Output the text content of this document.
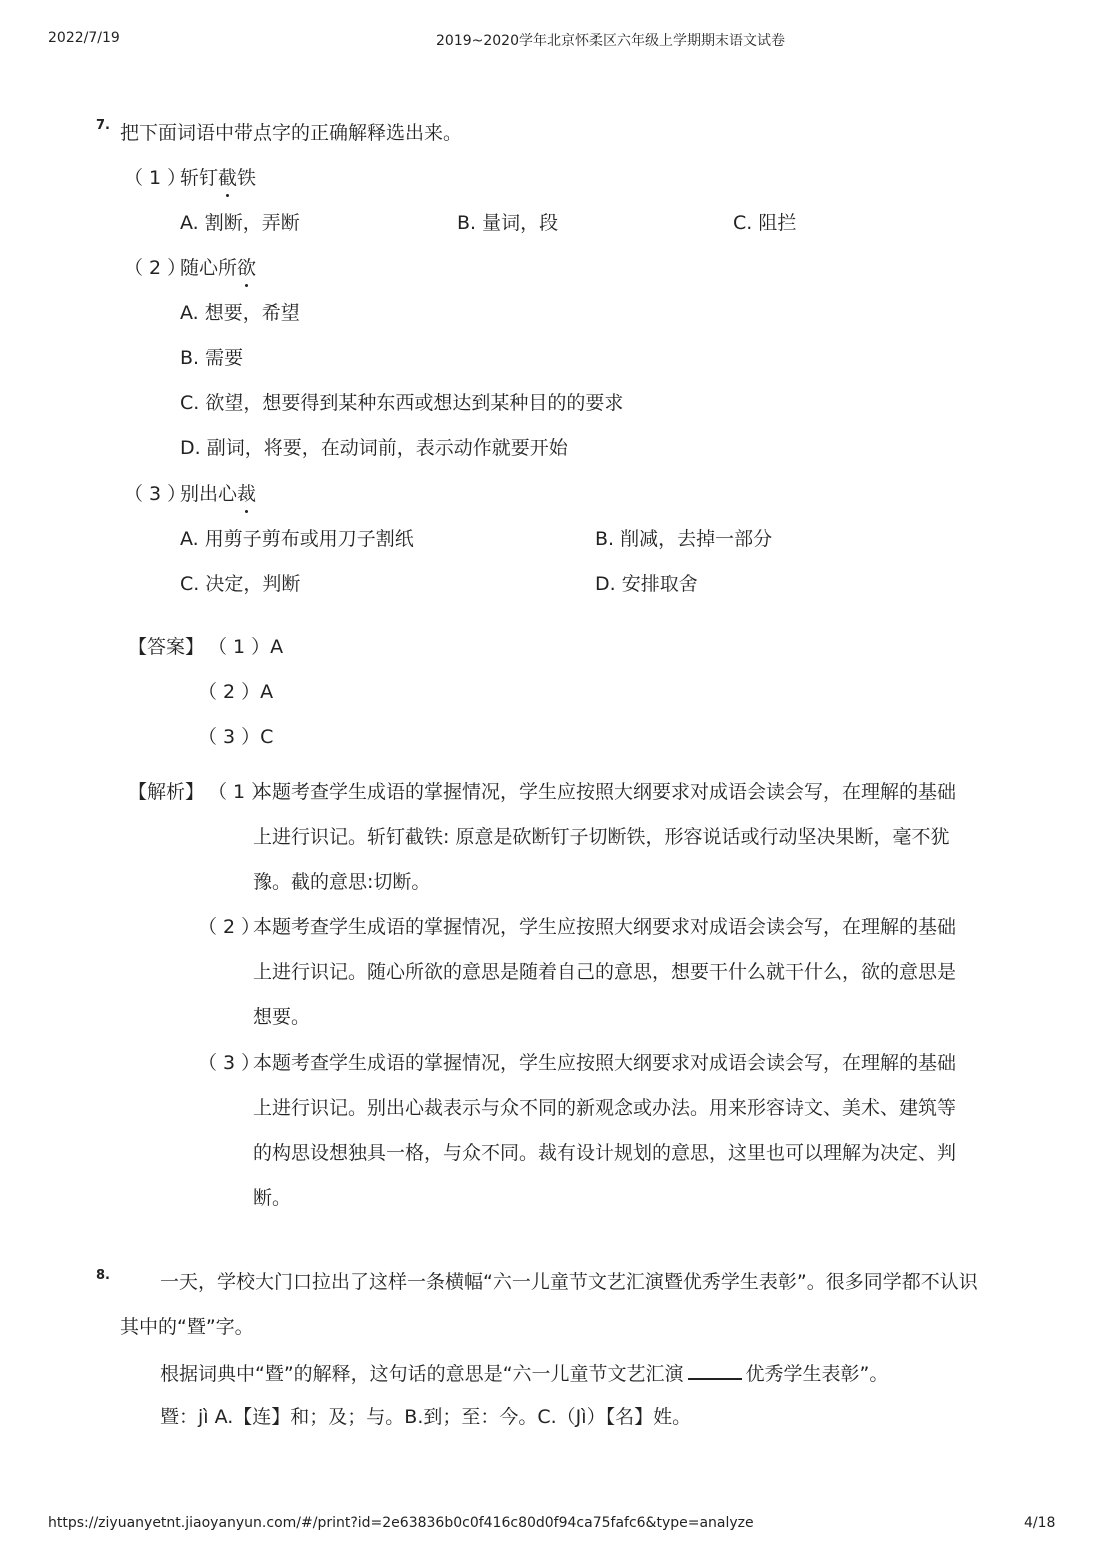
2022/7/19	2019~2020学年北京怀柔区六年级上学期期末语文试卷
7. 把下面词语中带点字的正确解释选出来。
（ 1 ）
斩钉截铁
A. 割断，弄断	B. 量词，段	C. 阻拦
（ 2 ）
随心所欲
A. 想要，希望
B. 需要
C. 欲望，想要得到某种东西或想达到某种目的的要求
D. 副词，将要，在动词前，表示动作就要开始
（ 3 ）
别出心裁
A. 用剪子剪布或用刀子割纸	B. 削减，去掉一部分
C. 决定，判断	D. 安排取舍
【答案】 （ 1 ）A
（ 2 ）A
（ 3 ）C
【解析】 （ 1 ）
本题考查学生成语的掌握情况，学生应按照大纲要求对成语会读会写，在理解的基础
上进行识记。斩钉截铁: 原意是砍断钉子切断铁，形容说话或行动坚决果断，毫不犹
豫。截的意思:切断。
（ 2 ）
本题考查学生成语的掌握情况，学生应按照大纲要求对成语会读会写，在理解的基础
上进行识记。随心所欲的意思是随着自己的意思，想要干什么就干什么，欲的意思是
想要。
（ 3 ）
本题考查学生成语的掌握情况，学生应按照大纲要求对成语会读会写，在理解的基础
上进行识记。别出心裁表示与众不同的新观念或办法。用来形容诗文、美术、建筑等
的构思设想独具一格，与众不同。裁有设计规划的意思，这里也可以理解为决定、判
断。
8.	一天，学校大门口拉出了这样一条横幅“六一儿童节文艺汇演暨优秀学生表彰”。很多同学都不认识
其中的“暨”字。
根据词典中“暨”的解释，这句话的意思是“六一儿童节文艺汇演	优秀学生表彰”。
暨：jì A.【连】和；及；与。B.到；至：今。C.（Jì）【名】姓。
https://ziyuanyetnt.jiaoyanyun.com/#/print?id=2e63836b0c0f416c80d0f94ca75fafc6&type=analyze	4/18
